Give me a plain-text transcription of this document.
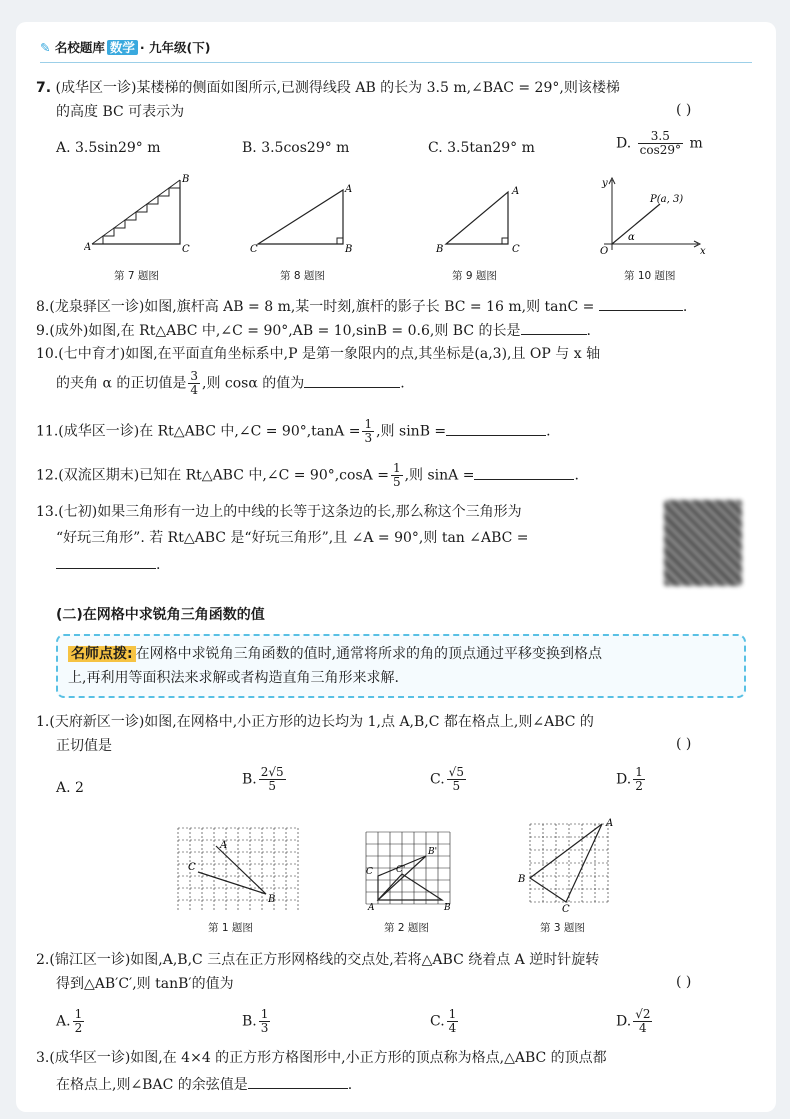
✎ 名校题库 数学 · 九年级(下)
7. (成华区一诊)某楼梯的侧面如图所示,已测得线段 AB 的长为 3.5 m,∠BAC = 29°,则该楼梯
的高度 BC 可表示为	( )
A. 3.5sin29° m	B. 3.5cos29° m	C. 3.5tan29° m	D. $\frac{3.5}{\cos 29^\circ}$ m
A
B
C
第 7 题图
C
A
B
第 8 题图
B
A
C
第 9 题图
y
x
O
P(a, 3)
α
第 10 题图
8.(龙泉驿区一诊)如图,旗杆高 AB = 8 m,某一时刻,旗杆的影子长 BC = 16 m,则 tanC =	.
9.(成外)如图,在 Rt△ABC 中,∠C = 90°,AB = 10,sinB = 0.6,则 BC 的长是	.
10.(七中育才)如图,在平面直角坐标系中,P 是第一象限内的点,其坐标是(a,3),且 OP 与 x 轴
的夹角 α 的正切值是 $\frac{3}{4}$ ,则 cosα 的值为	.
11.(成华区一诊)在 Rt△ABC 中,∠C = $90^\circ,\tan A = \frac{1}{3}$ ,则 sinB =	.
12.(双流区期末)已知在 Rt△ABC 中,∠C = $90^\circ,\cos A = \frac{1}{5}$ ,则 sinA =	.
13.(七初)如果三角形有一边上的中线的长等于这条边的长,那么称这个三角形为
“好玩三角形”. 若 Rt△ABC 是“好玩三角形”,且 ∠A = 90°,则 tan ∠ABC =
.
(二)在网格中求锐角三角函数的值
名师点拨: 在网格中求锐角三角函数的值时,通常将所求的角的顶点通过平移变换到格点
上,再利用等面积法来求解或者构造直角三角形来求解.
1.(天府新区一诊)如图,在网格中,小正方形的边长均为 1,点 A,B,C 都在格点上,则∠ABC 的
正切值是	( )
A. 2
B. $\frac{2√5}{5}$	C. $\frac{√5}{5}$	D. $\frac{1}{2}$
A
B
C
第 1 题图
A
B'
C	C'
B
第 2 题图
A
B
C
第 3 题图
2.(锦江区一诊)如图,A,B,C 三点在正方形网格线的交点处,若将△ABC 绕着点 A 逆时针旋转
得到△AB′C′,则 tanB′的值为	( )
A. $\frac{1}{2}$	B. $\frac{1}{3}$	C. $\frac{1}{4}$	D. $\frac{√2}{4}$
3.(成华区一诊)如图,在 4×4 的正方形方格图形中,小正方形的顶点称为格点,△ABC 的顶点都
在格点上,则∠BAC 的余弦值是	.
